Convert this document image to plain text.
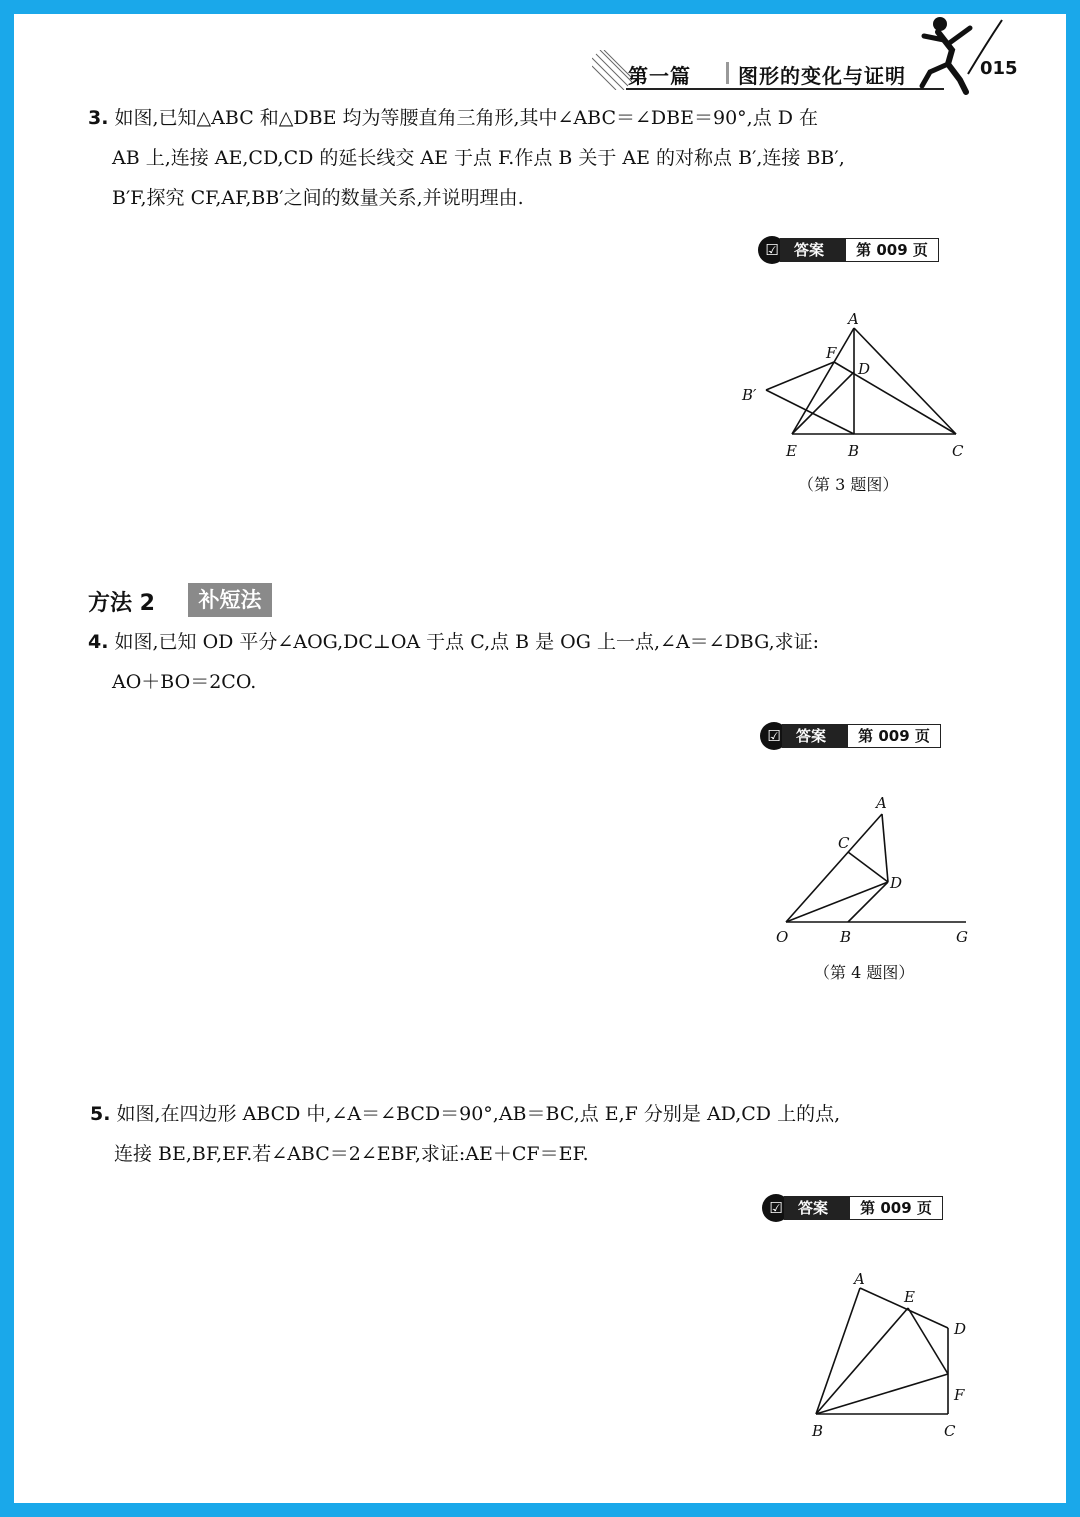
第一篇 图形的变化与证明	015
3. 如图,已知△ABC 和△DBE 均为等腰直角三角形,其中∠ABC＝∠DBE＝90°,点 D 在
AB 上,连接 AE,CD,CD 的延长线交 AE 于点 F.作点 B 关于 AE 的对称点 B′,连接 BB′,
B′F,探究 CF,AF,BB′之间的数量关系,并说明理由.
☑	答案	第 009 页
A
F
D
B′
E	B	C
（第 3 题图）
方法 2	补短法
4. 如图,已知 OD 平分∠AOG,DC⊥OA 于点 C,点 B 是 OG 上一点,∠A＝∠DBG,求证:
AO＋BO＝2CO.
☑	答案	第 009 页
A
C
D
O	B	G
（第 4 题图）
5. 如图,在四边形 ABCD 中,∠A＝∠BCD＝90°,AB＝BC,点 E,F 分别是 AD,CD 上的点,
连接 BE,BF,EF.若∠ABC＝2∠EBF,求证:AE＋CF＝EF.
☑	答案	第 009 页
A
E
D
F
B	C
